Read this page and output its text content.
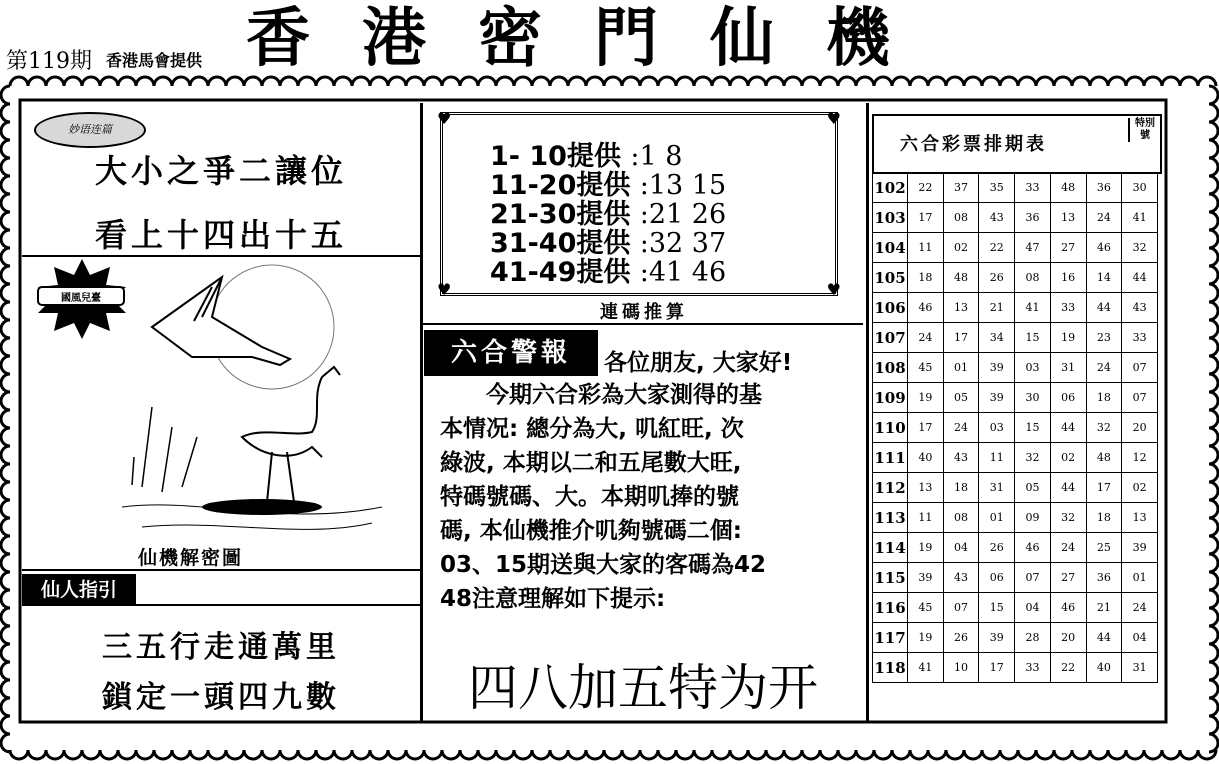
第119期 香港馬會提供 香港密門仙機
妙语连篇
大小之爭二讓位
看上十四出十五
國風兒臺
仙機解密圖
仙人指引
三五行走通萬里
鎖定一頭四九數
♥	♥
♥	♥
1- 10提供 :1 8
11-20提供 :13 15
21-30提供 :21 26
31-40提供 :32 37
41-49提供 :41 46
連碼推算
六合警報	各位朋友, 大家好!

　　今期六合彩為大家測得的基

本情况: 總分為大, 叽紅旺, 次

綠波, 本期以二和五尾數大旺,

特碼號碼、大。本期叽捧的號

碼, 本仙機推介叽夠號碼二個:

03、15期送與大家的客碼為42

48注意理解如下提示:

四八加五特为开
六合彩票排期表
特別號
102	22	37	35	33	48	36	30
103	17	08	43	36	13	24	41
104	11	02	22	47	27	46	32
105	18	48	26	08	16	14	44
106	46	13	21	41	33	44	43
107	24	17	34	15	19	23	33
108	45	01	39	03	31	24	07
109	19	05	39	30	06	18	07
110	17	24	03	15	44	32	20
111	40	43	11	32	02	48	12
112	13	18	31	05	44	17	02
113	11	08	01	09	32	18	13
114	19	04	26	46	24	25	39
115	39	43	06	07	27	36	01
116	45	07	15	04	46	21	24
117	19	26	39	28	20	44	04
118	41	10	17	33	22	40	31
